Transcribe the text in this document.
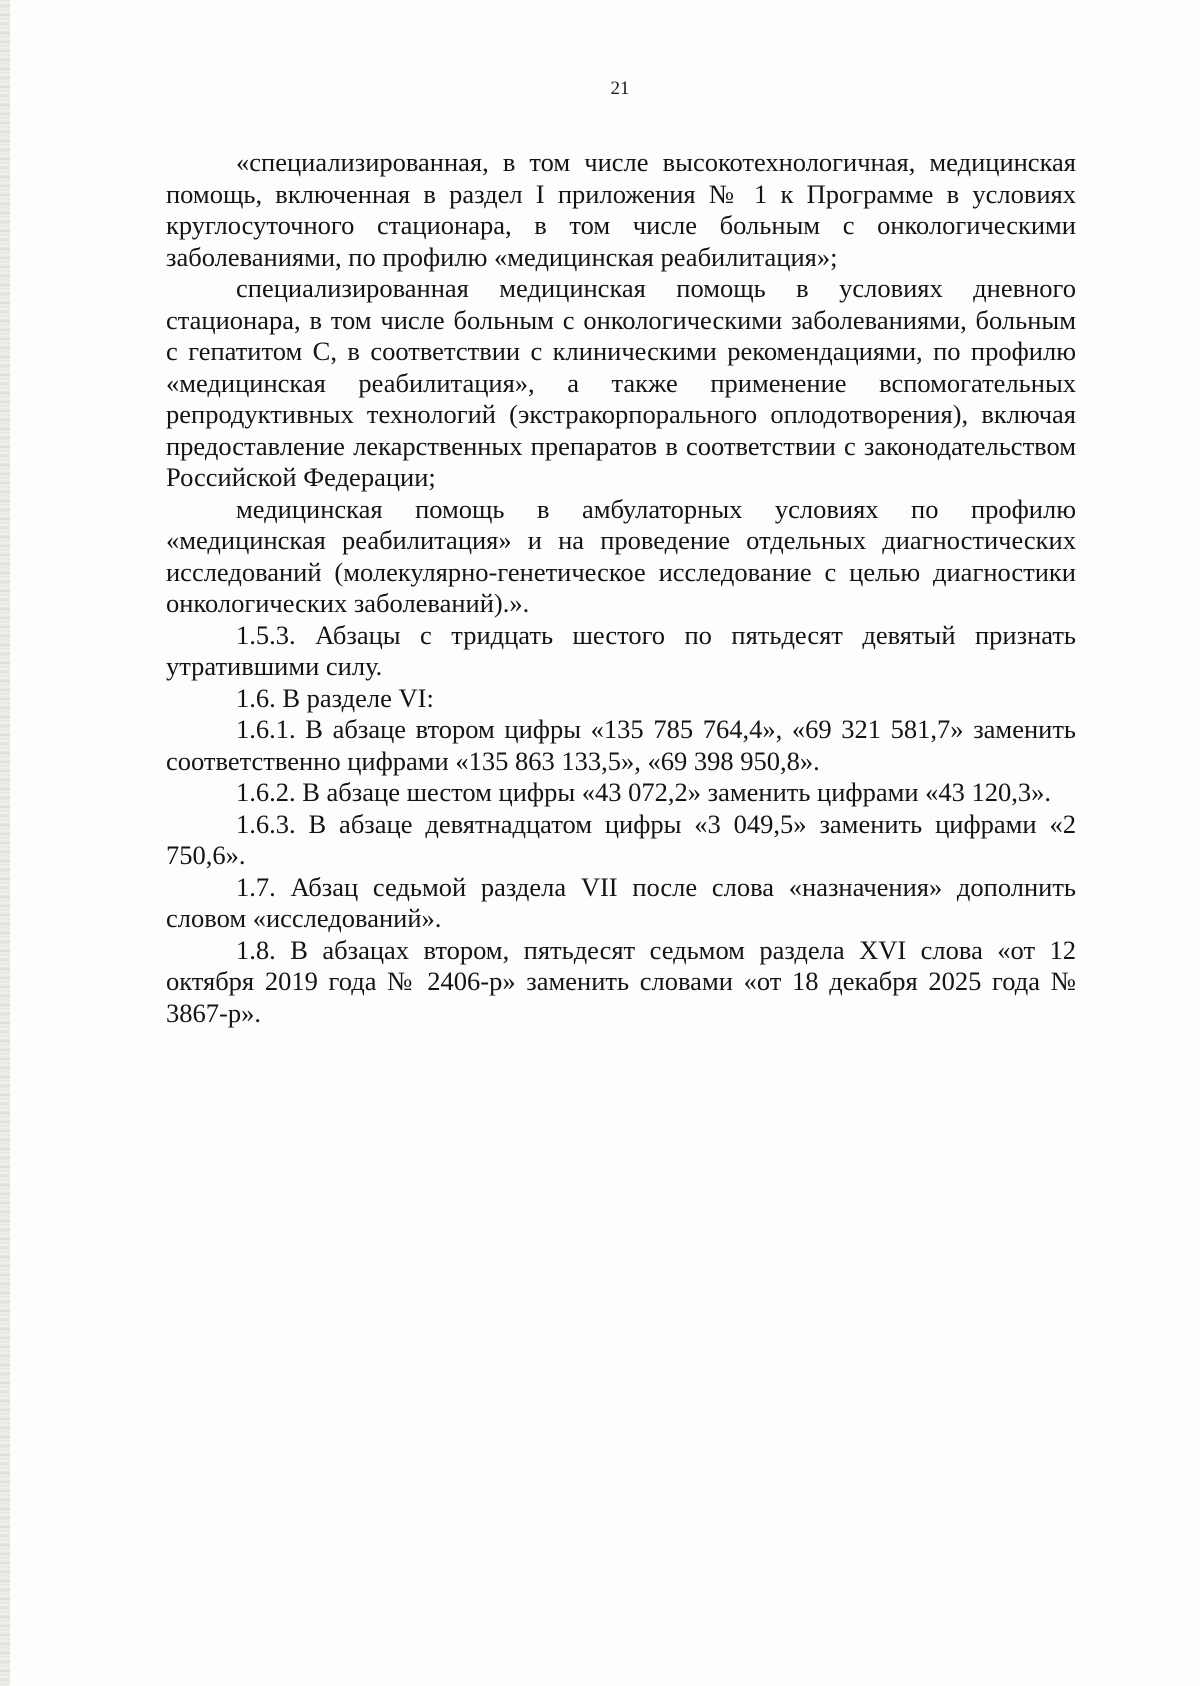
21

«специализированная, в том числе высокотехнологичная, медицинская помощь, включенная в раздел I приложения № 1 к Программе в условиях круглосуточного стационара, в том числе больным с онкологическими заболеваниями, по профилю «медицинская реабилитация»;

специализированная медицинская помощь в условиях дневного стационара, в том числе больным с онкологическими заболеваниями, больным с гепатитом С, в соответствии с клиническими рекомендациями, по профилю «медицинская реабилитация», а также применение вспомогательных репродуктивных технологий (экстракорпорального оплодотворения), включая предоставление лекарственных препаратов в соответствии с законодательством Российской Федерации;

медицинская помощь в амбулаторных условиях по профилю «медицинская реабилитация» и на проведение отдельных диагностических исследований (молекулярно-генетическое исследование с целью диагностики онкологических заболеваний).».

1.5.3. Абзацы с тридцать шестого по пятьдесят девятый признать утратившими силу.

1.6. В разделе VI:

1.6.1. В абзаце втором цифры «135 785 764,4», «69 321 581,7» заменить соответственно цифрами «135 863 133,5», «69 398 950,8».

1.6.2. В абзаце шестом цифры «43 072,2» заменить цифрами «43 120,3».

1.6.3. В абзаце девятнадцатом цифры «3 049,5» заменить цифрами «2 750,6».

1.7. Абзац седьмой раздела VII после слова «назначения» дополнить словом «исследований».

1.8. В абзацах втором, пятьдесят седьмом раздела XVI слова «от 12 октября 2019 года № 2406-р» заменить словами «от 18 декабря 2025 года № 3867-р».
